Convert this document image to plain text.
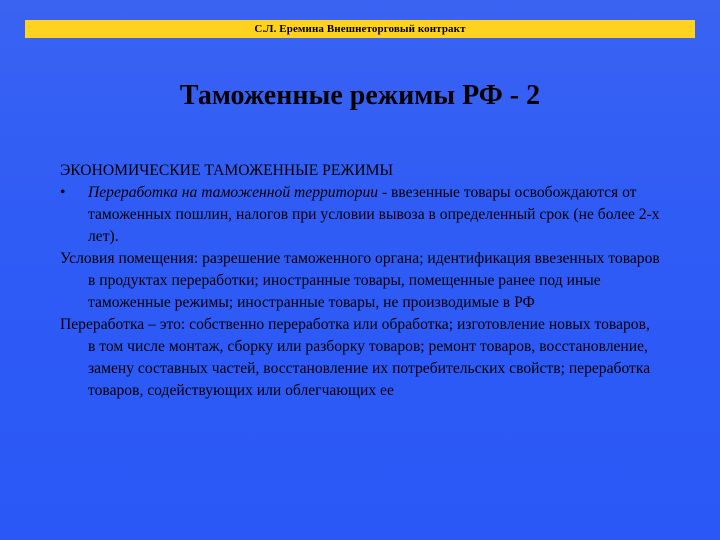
С.Л. Еремина Внешнеторговый контракт
Таможенные режимы РФ - 2
ЭКОНОМИЧЕСКИЕ ТАМОЖЕННЫЕ РЕЖИМЫ
•	Переработка на таможенной территории - ввезенные товары освобождаются от таможенных пошлин, налогов при условии вывоза в определенный срок (не более 2-х лет).
Условия помещения: разрешение таможенного органа; идентификация ввезенных товаров в продуктах переработки; иностранные товары, помещенные ранее под иные таможенные режимы; иностранные товары, не производимые в РФ
Переработка – это: собственно переработка или обработка; изготовление новых товаров, в том числе монтаж, сборку или разборку товаров; ремонт товаров, восстановление, замену составных частей, восстановление их потребительских свойств; переработка товаров, содействующих или облегчающих ее
